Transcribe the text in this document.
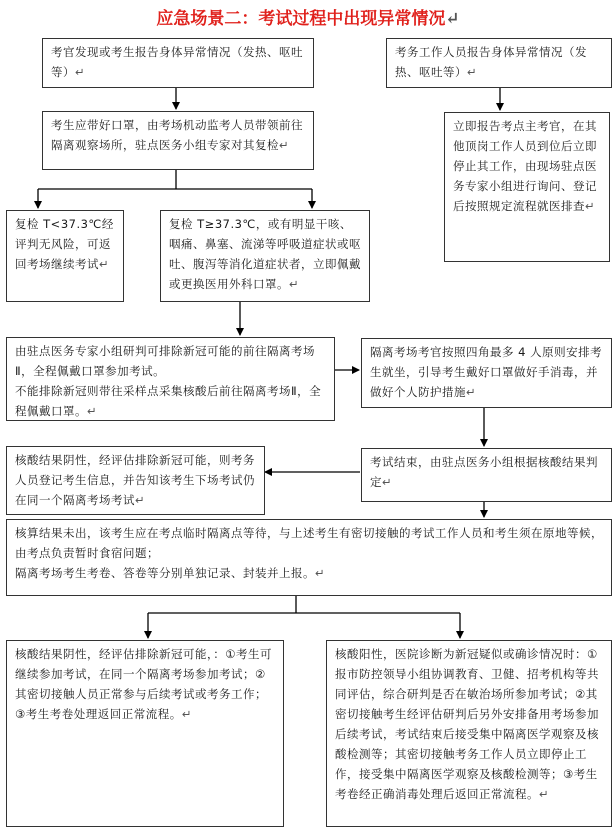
应急场景二：考试过程中出现异常情况↵
考官发现或考生报告身体异常情况（发热、呕吐等）↵
考务工作人员报告身体异常情况（发热、呕吐等）↵
考生应带好口罩，由考场机动监考人员带领前往隔离观察场所，驻点医务小组专家对其复检↵
立即报告考点主考官，在其他顶岗工作人员到位后立即停止其工作，由现场驻点医务专家小组进行询问、登记后按照规定流程就医排查↵
复检 T<37.3℃经评判无风险，可返回考场继续考试↵
复检 T≥37.3℃，或有明显干咳、咽痛、鼻塞、流涕等呼吸道症状或呕吐、腹泻等消化道症状者，立即佩戴或更换医用外科口罩。↵
由驻点医务专家小组研判可排除新冠可能的前往隔离考场Ⅱ，全程佩戴口罩参加考试。
不能排除新冠则带往采样点采集核酸后前往隔离考场Ⅱ，全程佩戴口罩。↵
隔离考场考官按照四角最多 4 人原则安排考生就坐，引导考生戴好口罩做好手消毒，并做好个人防护措施↵
核酸结果阴性，经评估排除新冠可能，则考务人员登记考生信息，并告知该考生下场考试仍在同一个隔离考场考试↵
考试结束，由驻点医务小组根据核酸结果判定↵
核算结果未出，该考生应在考点临时隔离点等待，与上述考生有密切接触的考试工作人员和考生须在原地等候，由考点负责暂时食宿问题；
隔离考场考生考卷、答卷等分别单独记录、封装并上报。↵
核酸结果阴性，经评估排除新冠可能，：①考生可继续参加考试，在同一个隔离考场参加考试；②其密切接触人员正常参与后续考试或考务工作；③考生考卷处理返回正常流程。↵
核酸阳性，医院诊断为新冠疑似或确诊情况时：①报市防控领导小组协调教育、卫健、招考机构等共同评估，综合研判是否在敏治场所参加考试；②其密切接触考生经评估研判后另外安排备用考场参加后续考试，考试结束后接受集中隔离医学观察及核酸检测等；其密切接触考务工作人员立即停止工作，接受集中隔离医学观察及核酸检测等；③考生考卷经正确消毒处理后返回正常流程。↵
